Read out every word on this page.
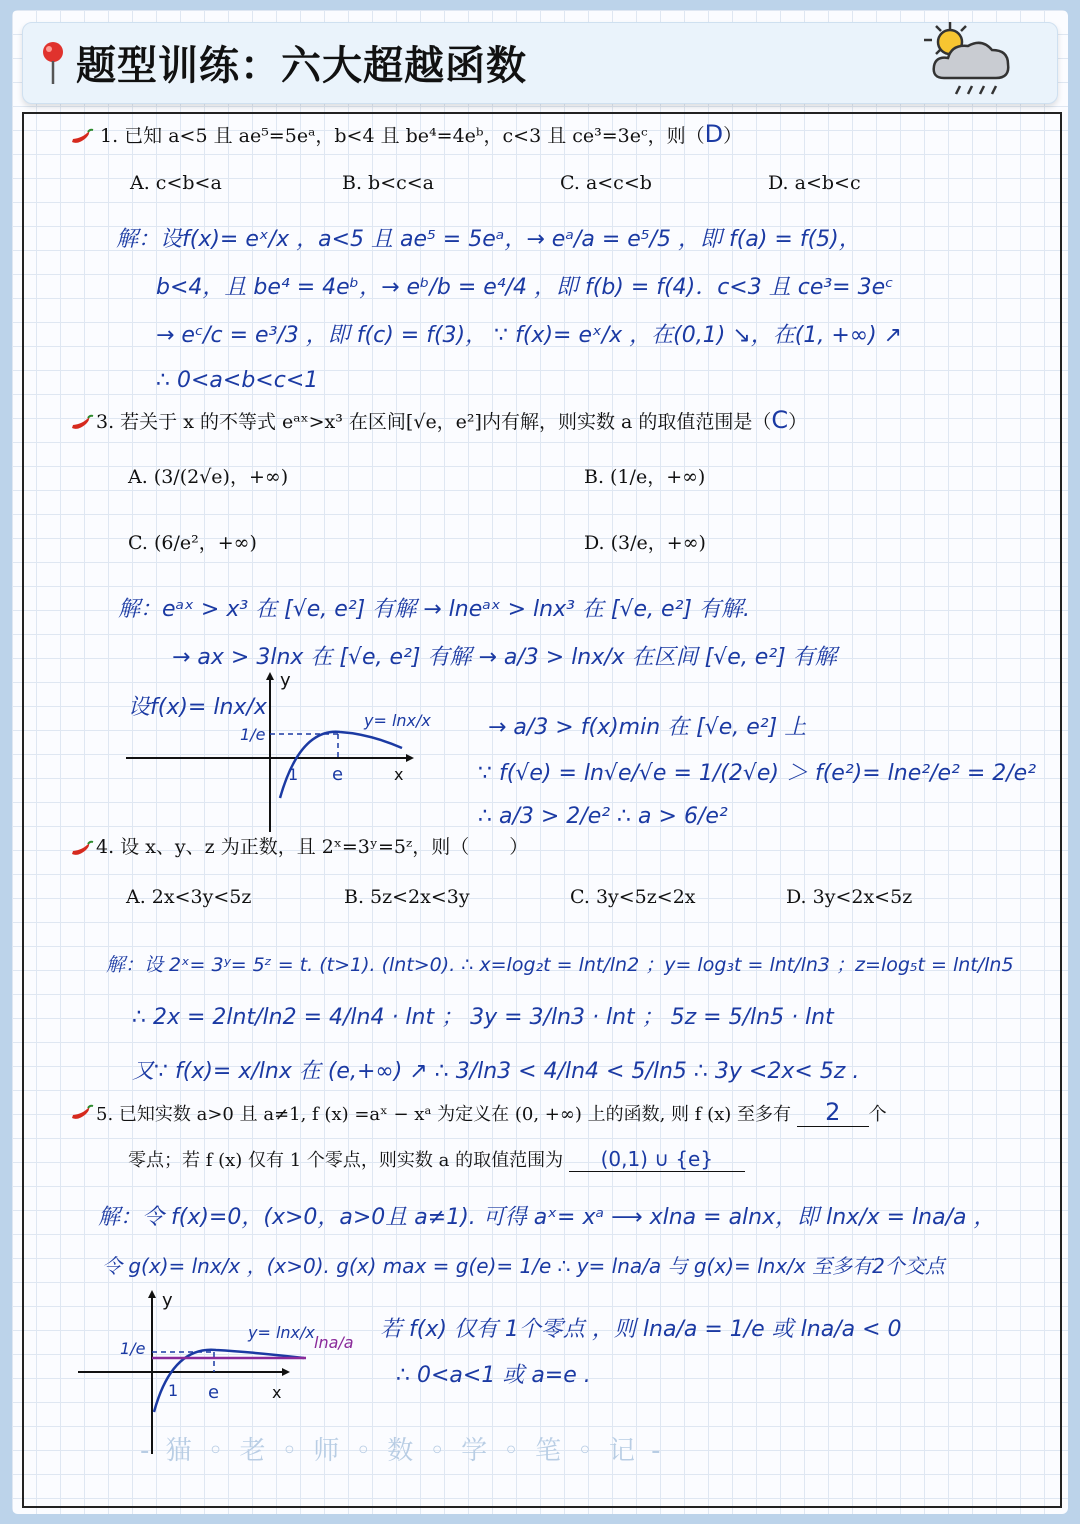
题型训练：六大超越函数
1. 已知 a<5 且 ae⁵=5eᵃ，b<4 且 be⁴=4eᵇ，c<3 且 ce³=3eᶜ，则（D）
A. c<b<a	B. b<c<a	C. a<c<b	D. a<b<c
解：设f(x)= eˣ/x ，a<5 且 ae⁵ = 5eᵃ，→ eᵃ/a = e⁵/5 ，即 f(a) = f(5)，
b<4，且 be⁴ = 4eᵇ，→ eᵇ/b = e⁴/4 ，即 f(b) = f(4)．c<3 且 ce³= 3eᶜ
→ eᶜ/c = e³/3 ，即 f(c) = f(3)， ∵ f(x)= eˣ/x ，在(0,1) ↘，在(1, +∞) ↗
∴ 0<a<b<c<1
3. 若关于 x 的不等式 eᵃˣ>x³ 在区间[√e，e²]内有解，则实数 a 的取值范围是（C）
A. (3/(2√e)，+∞)	B. (1/e，+∞)
C. (6/e²，+∞)	D. (3/e，+∞)
解：eᵃˣ > x³ 在 [√e, e²] 有解 → lneᵃˣ > lnx³ 在 [√e, e²] 有解.
→ ax > 3lnx 在 [√e, e²] 有解 → a/3 > lnx/x 在区间 [√e, e²] 有解
设f(x)= lnx/x
→ a/3 > f(x)min 在 [√e, e²] 上
∵ f(√e) = ln√e/√e = 1/(2√e) ＞ f(e²)= lne²/e² = 2/e²
∴ a/3 > 2/e² ∴ a > 6/e²
y
x
y= lnx/x
1/e
1 e
4. 设 x、y、z 为正数，且 2ˣ=3ʸ=5ᶻ，则（ ）
A. 2x<3y<5z	B. 5z<2x<3y	C. 3y<5z<2x	D. 3y<2x<5z
解：设 2ˣ= 3ʸ= 5ᶻ = t. (t>1). (lnt>0). ∴ x=log₂t = lnt/ln2 ；y= log₃t = lnt/ln3 ；z=log₅t = lnt/ln5
∴ 2x = 2lnt/ln2 = 4/ln4 · lnt ； 3y = 3/ln3 · lnt ； 5z = 5/ln5 · lnt
又∵ f(x)= x/lnx 在 (e,+∞) ↗ ∴ 3/ln3 < 4/ln4 < 5/ln5 ∴ 3y <2x< 5z .
5. 已知实数 a>0 且 a≠1, f (x) =aˣ − xᵃ 为定义在 (0, +∞) 上的函数, 则 f (x) 至多有 2 个
零点；若 f (x) 仅有 1 个零点，则实数 a 的取值范围为 (0,1) ∪ {e}
解：令 f(x)=0，(x>0，a>0且 a≠1). 可得 aˣ= xᵃ ⟶ xlna = alnx，即 lnx/x = lna/a ，
令 g(x)= lnx/x ，(x>0). g(x) max = g(e)= 1/e ∴ y= lna/a 与 g(x)= lnx/x 至多有2个交点
若 f(x) 仅有 1个零点 ，则 lna/a = 1/e 或 lna/a < 0
∴ 0<a<1 或 a=e .
y
x
y= lnx/x
lna/a
1/e
1 e
- 猫 ◦ 老 ◦ 师 ◦ 数 ◦ 学 ◦ 笔 ◦ 记 -
